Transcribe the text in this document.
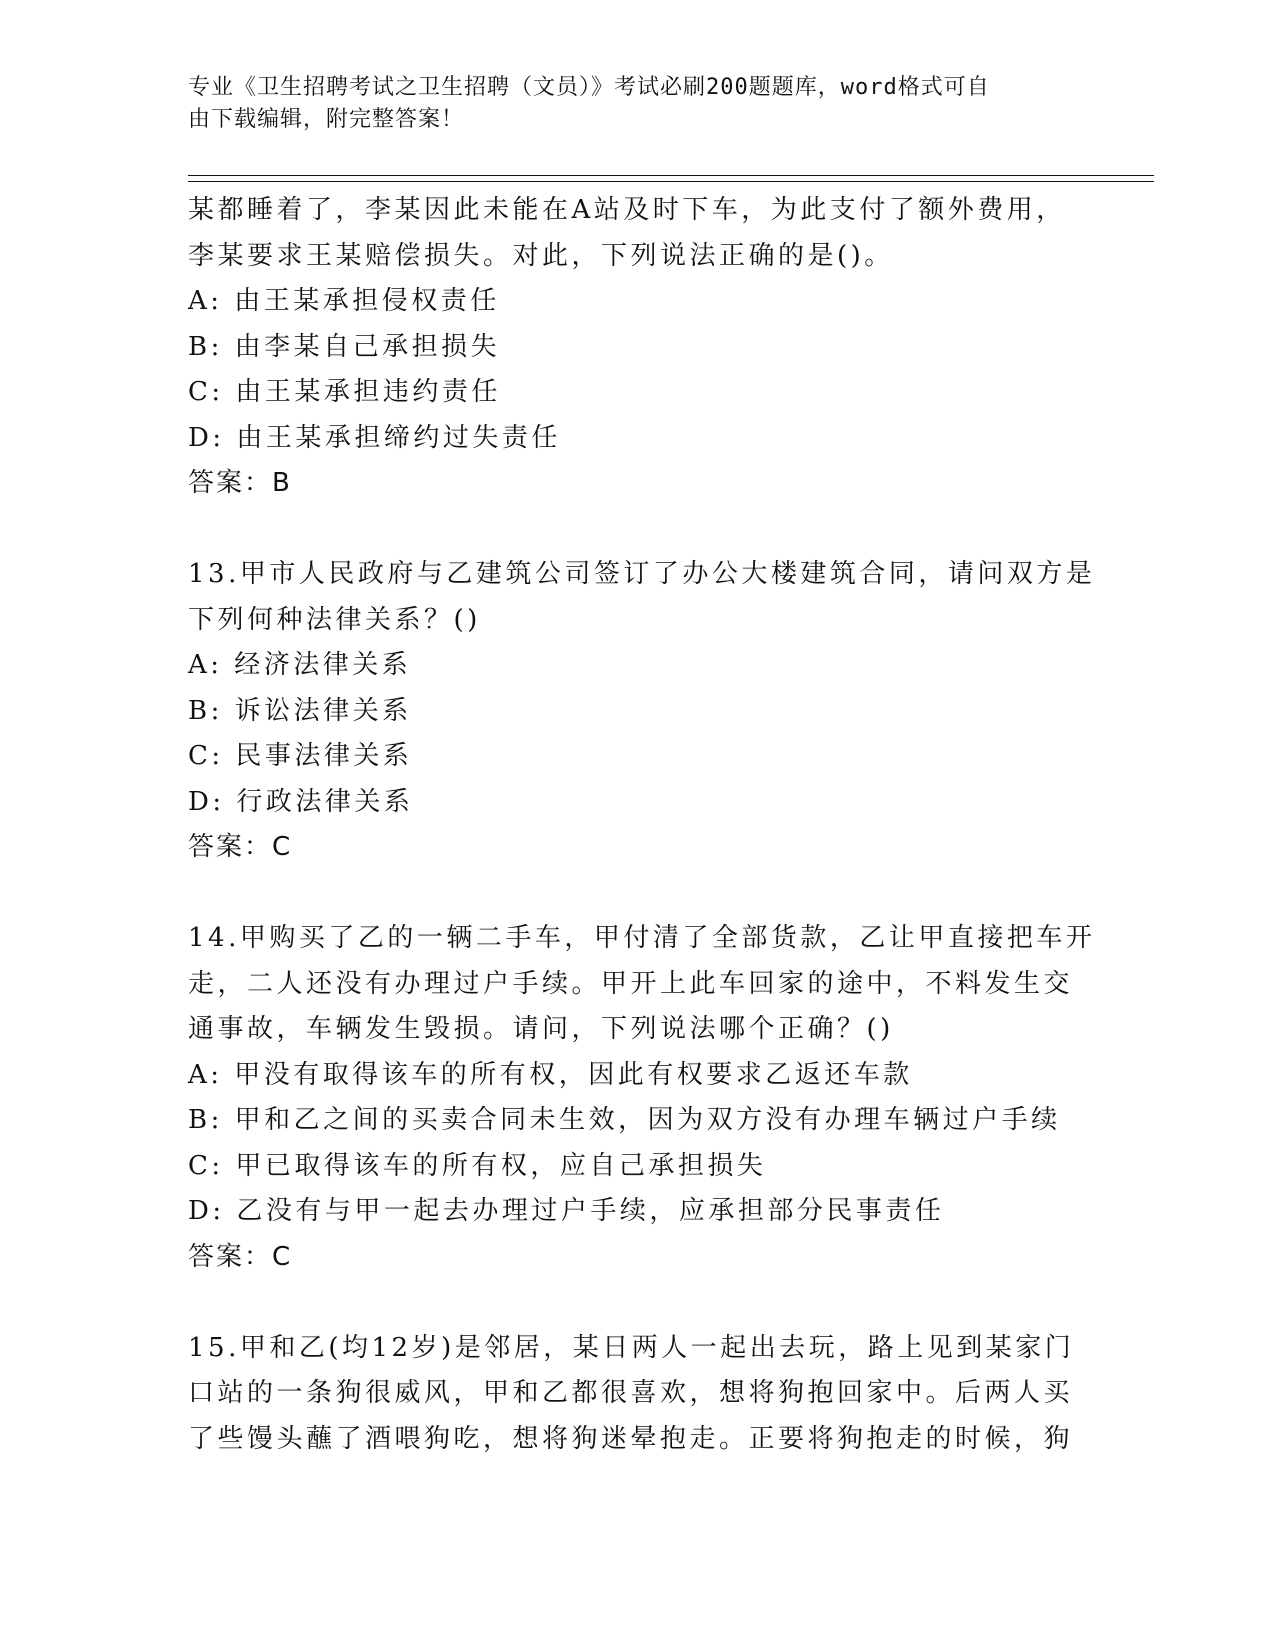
专业《卫生招聘考试之卫生招聘（文员）》考试必刷200题题库，word格式可自
由下载编辑，附完整答案！
某都睡着了，李某因此未能在A站及时下车，为此支付了额外费用，
李某要求王某赔偿损失。对此，下列说法正确的是()。
A: 由王某承担侵权责任
B: 由李某自己承担损失
C: 由王某承担违约责任
D: 由王某承担缔约过失责任
答案：B
13.甲市人民政府与乙建筑公司签订了办公大楼建筑合同，请问双方是
下列何种法律关系？()
A: 经济法律关系
B: 诉讼法律关系
C: 民事法律关系
D: 行政法律关系
答案：C
14.甲购买了乙的一辆二手车，甲付清了全部货款，乙让甲直接把车开
走，二人还没有办理过户手续。甲开上此车回家的途中，不料发生交
通事故，车辆发生毁损。请问，下列说法哪个正确？()
A: 甲没有取得该车的所有权，因此有权要求乙返还车款
B: 甲和乙之间的买卖合同未生效，因为双方没有办理车辆过户手续
C: 甲已取得该车的所有权，应自己承担损失
D: 乙没有与甲一起去办理过户手续，应承担部分民事责任
答案：C
15.甲和乙(均12岁)是邻居，某日两人一起出去玩，路上见到某家门
口站的一条狗很威风，甲和乙都很喜欢，想将狗抱回家中。后两人买
了些馒头蘸了酒喂狗吃，想将狗迷晕抱走。正要将狗抱走的时候，狗
